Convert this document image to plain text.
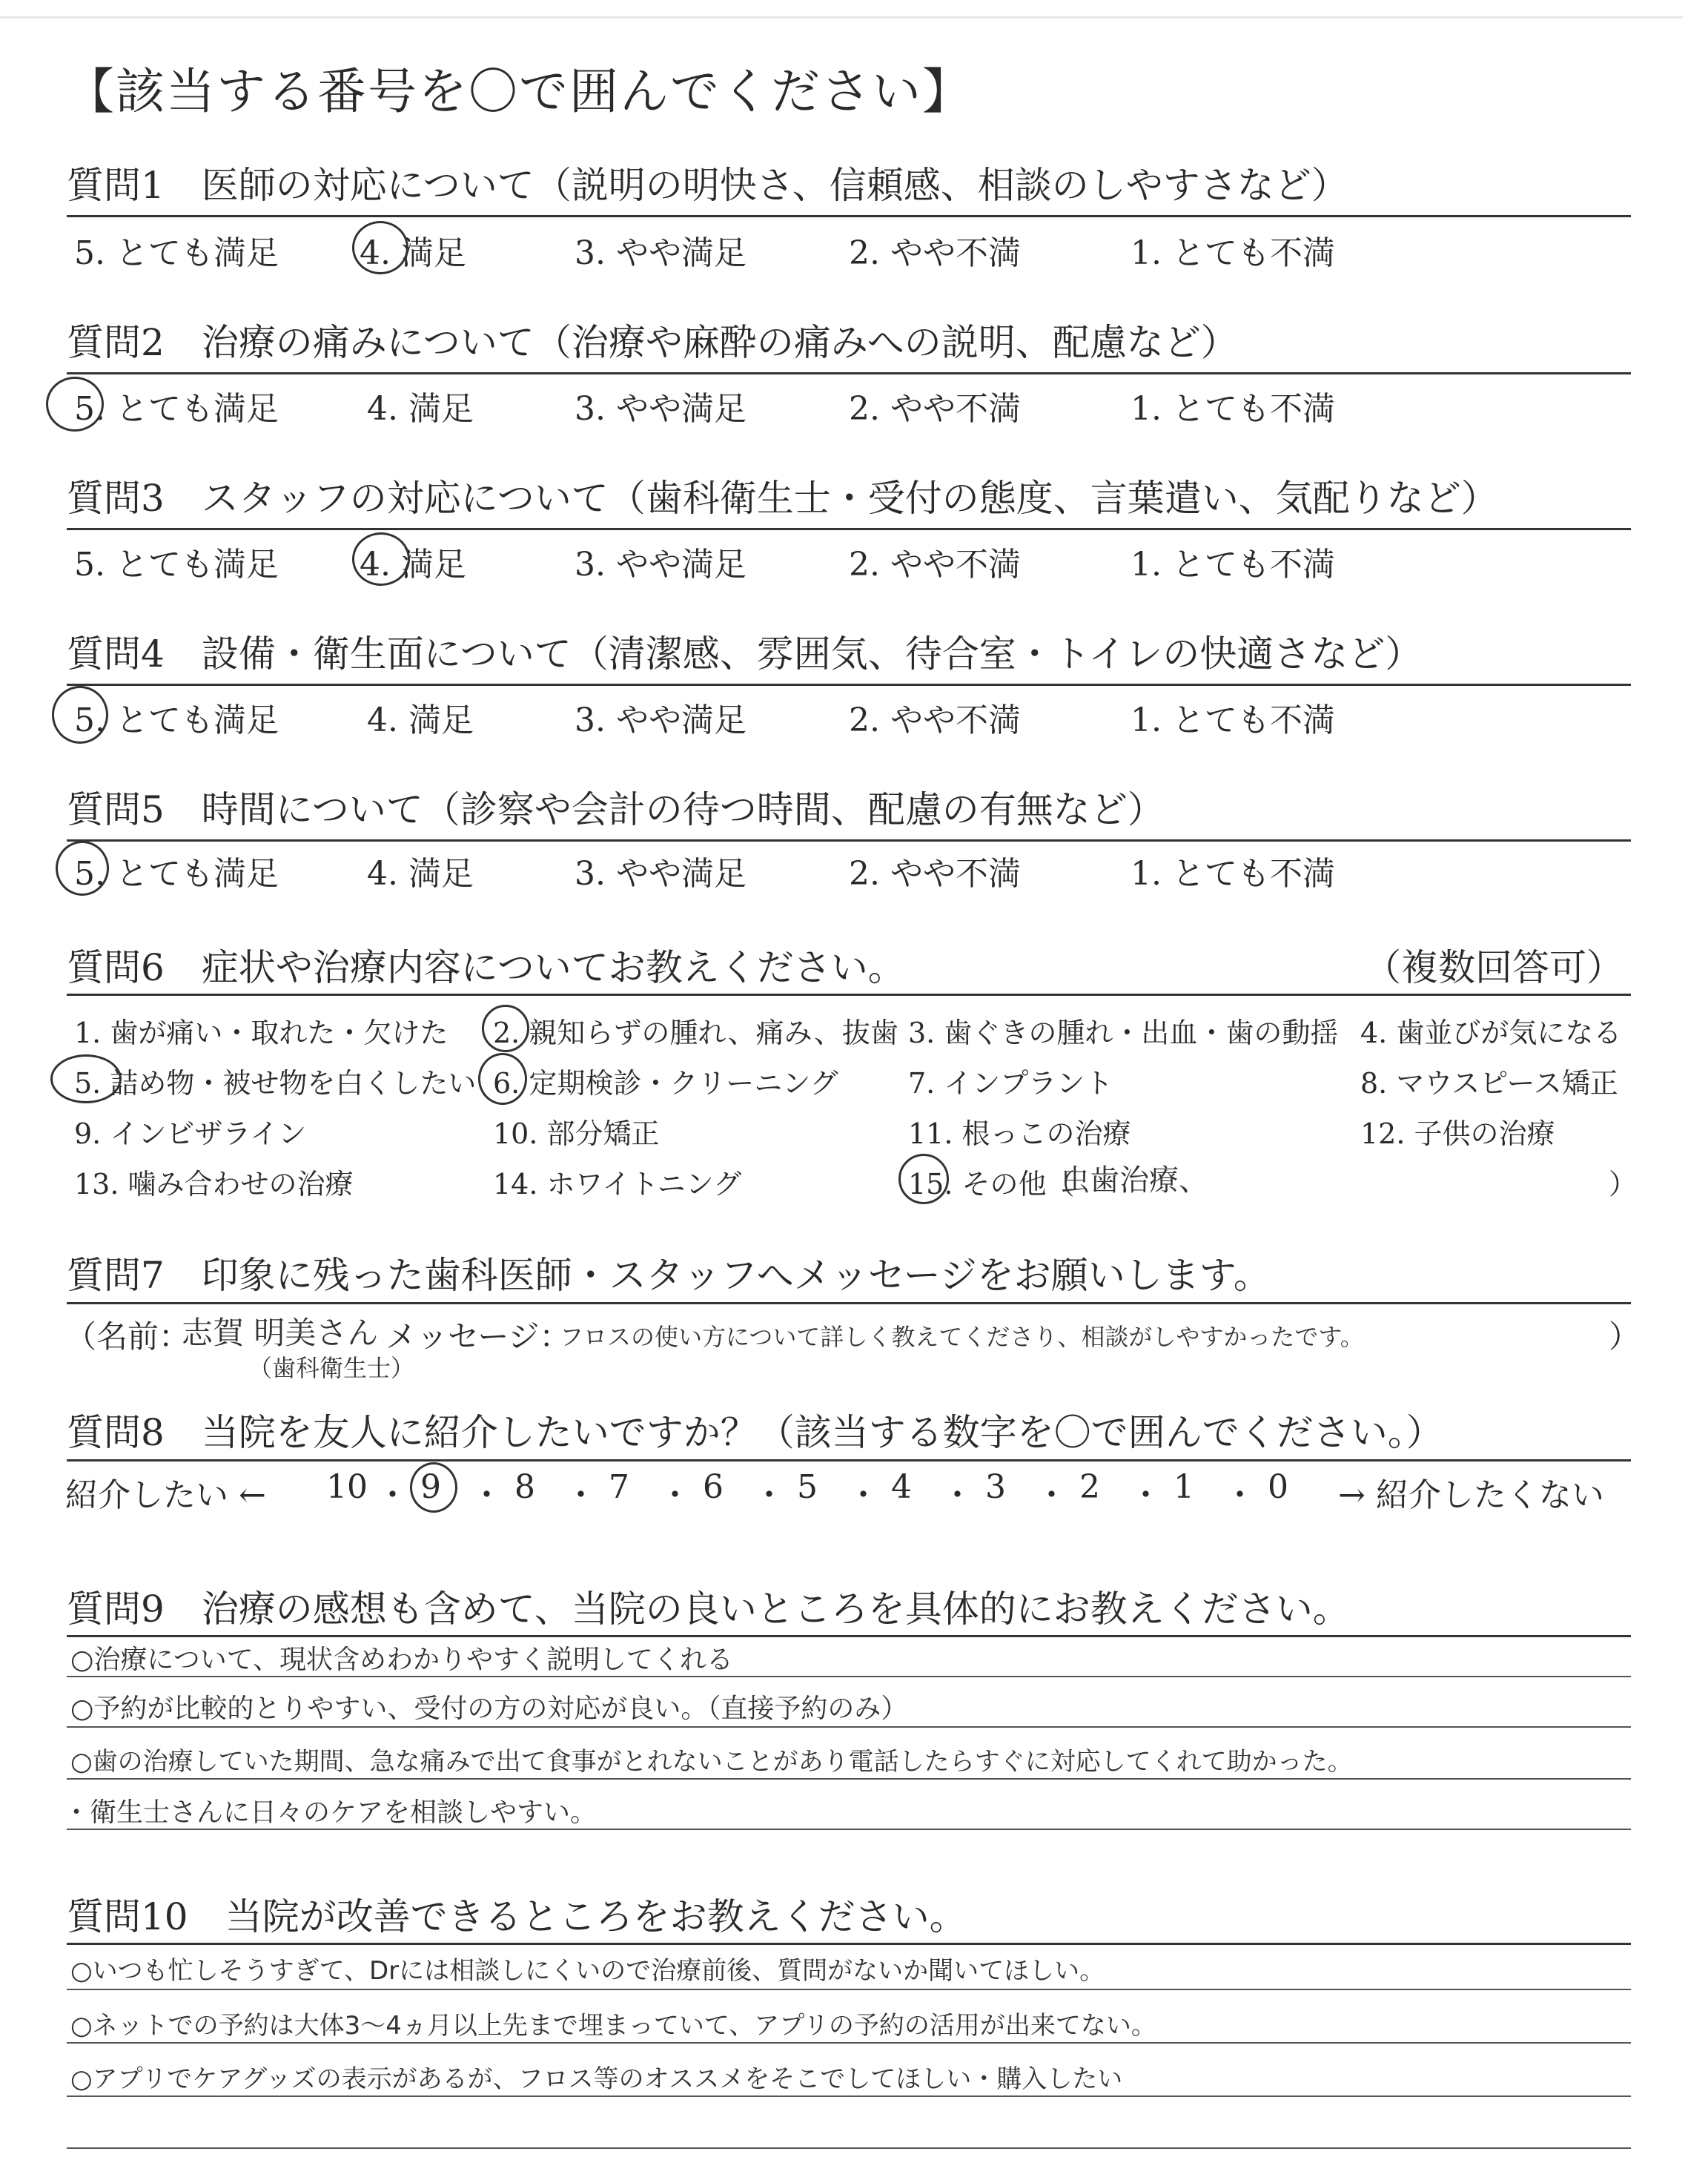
【該当する番号を〇で囲んでください】
質問1　医師の対応について（説明の明快さ、信頼感、相談のしやすさなど）
5. とても満足 4. 満足	3. やや満足	2. やや不満	1. とても不満
質問2　治療の痛みについて（治療や麻酔の痛みへの説明、配慮など）
5. とても満足	4. 満足	3. やや満足	2. やや不満	1. とても不満
質問3　スタッフの対応について（歯科衛生士・受付の態度、言葉遣い、気配りなど）
5. とても満足 4. 満足	3. やや満足	2. やや不満	1. とても不満
質問4　設備・衛生面について（清潔感、雰囲気、待合室・トイレの快適さなど）
5. とても満足	4. 満足	3. やや満足	2. やや不満	1. とても不満
質問5　時間について（診察や会計の待つ時間、配慮の有無など）
5. とても満足	4. 満足	3. やや満足	2. やや不満	1. とても不満
質問6　症状や治療内容についてお教えください。	（複数回答可）
1. 歯が痛い・取れた・欠けた 2. 親知らずの腫れ、痛み、抜歯 3. 歯ぐきの腫れ・出血・歯の動揺 4. 歯並びが気になる
5. 詰め物・被せ物を白くしたい 6. 定期検診・クリーニング 7. インプラント	8. マウスピース矯正
9. インビザライン	10. 部分矯正	11. 根っこの治療	12. 子供の治療
13. 噛み合わせの治療	14. ホワイトニング	15. その他（
虫歯治療、	）
質問7　印象に残った歯科医師・スタッフへメッセージをお願いします。
（名前：
志賀 明美さん
（歯科衛生士）
メッセージ：
フロスの使い方について詳しく教えてくださり、相談がしやすかったです。	）
質問8　当院を友人に紹介したいですか？（該当する数字を〇で囲んでください。）
紹介したい ←	→ 紹介したくない
10 ・ 9 ・ 8 ・ 7 ・ 6 ・ 5 ・ 4 ・ 3 ・ 2 ・ 1 ・ 0
質問9　治療の感想も含めて、当院の良いところを具体的にお教えください。
○治療について、現状含めわかりやすく説明してくれる
○予約が比較的とりやすい、受付の方の対応が良い。（直接予約のみ）
○歯の治療していた期間、急な痛みで出て食事がとれないことがあり電話したらすぐに対応してくれて助かった。
・衛生士さんに日々のケアを相談しやすい。
質問10　当院が改善できるところをお教えください。
○いつも忙しそうすぎて、Drには相談しにくいので治療前後、質問がないか聞いてほしい。
○ネットでの予約は大体3〜4ヵ月以上先まで埋まっていて、アプリの予約の活用が出来てない。
○アプリでケアグッズの表示があるが、フロス等のオススメをそこでしてほしい・購入したい
